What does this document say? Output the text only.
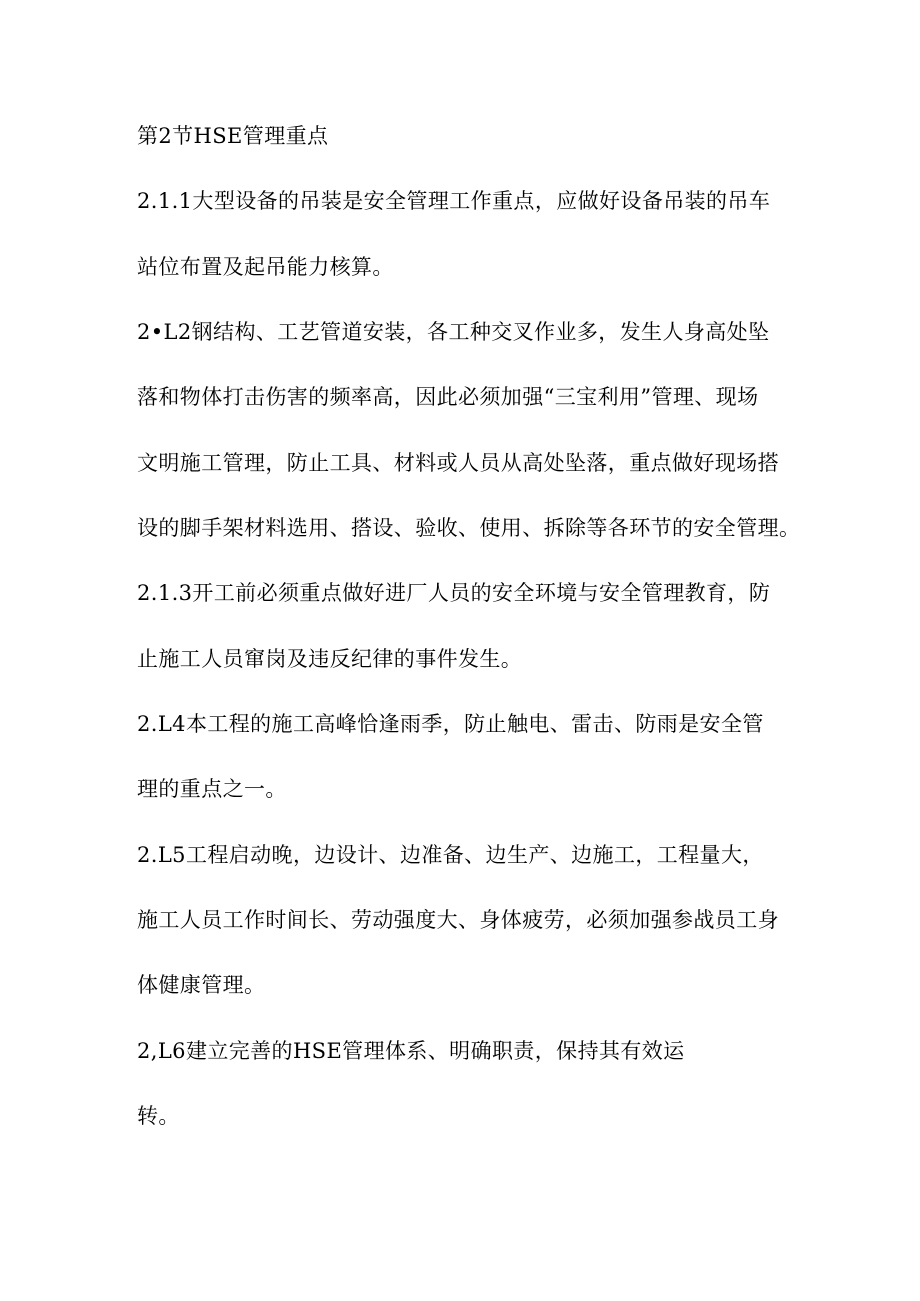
第2节HSE管理重点
2.1.1大型设备的吊装是安全管理工作重点，应做好设备吊装的吊车
站位布置及起吊能力核算。
2•L2钢结构、工艺管道安装，各工种交叉作业多，发生人身高处坠
落和物体打击伤害的频率高，因此必须加强“三宝利用”管理、现场
文明施工管理，防止工具、材料或人员从高处坠落，重点做好现场搭
设的脚手架材料选用、搭设、验收、使用、拆除等各环节的安全管理。
2.1.3开工前必须重点做好进厂人员的安全环境与安全管理教育，防
止施工人员窜岗及违反纪律的事件发生。
2.L4本工程的施工高峰恰逢雨季，防止触电、雷击、防雨是安全管
理的重点之一。
2.L5工程启动晚，边设计、边准备、边生产、边施工，工程量大，
施工人员工作时间长、劳动强度大、身体疲劳，必须加强参战员工身
体健康管理。
2,L6建立完善的HSE管理体系、明确职责，保持其有效运
转。
